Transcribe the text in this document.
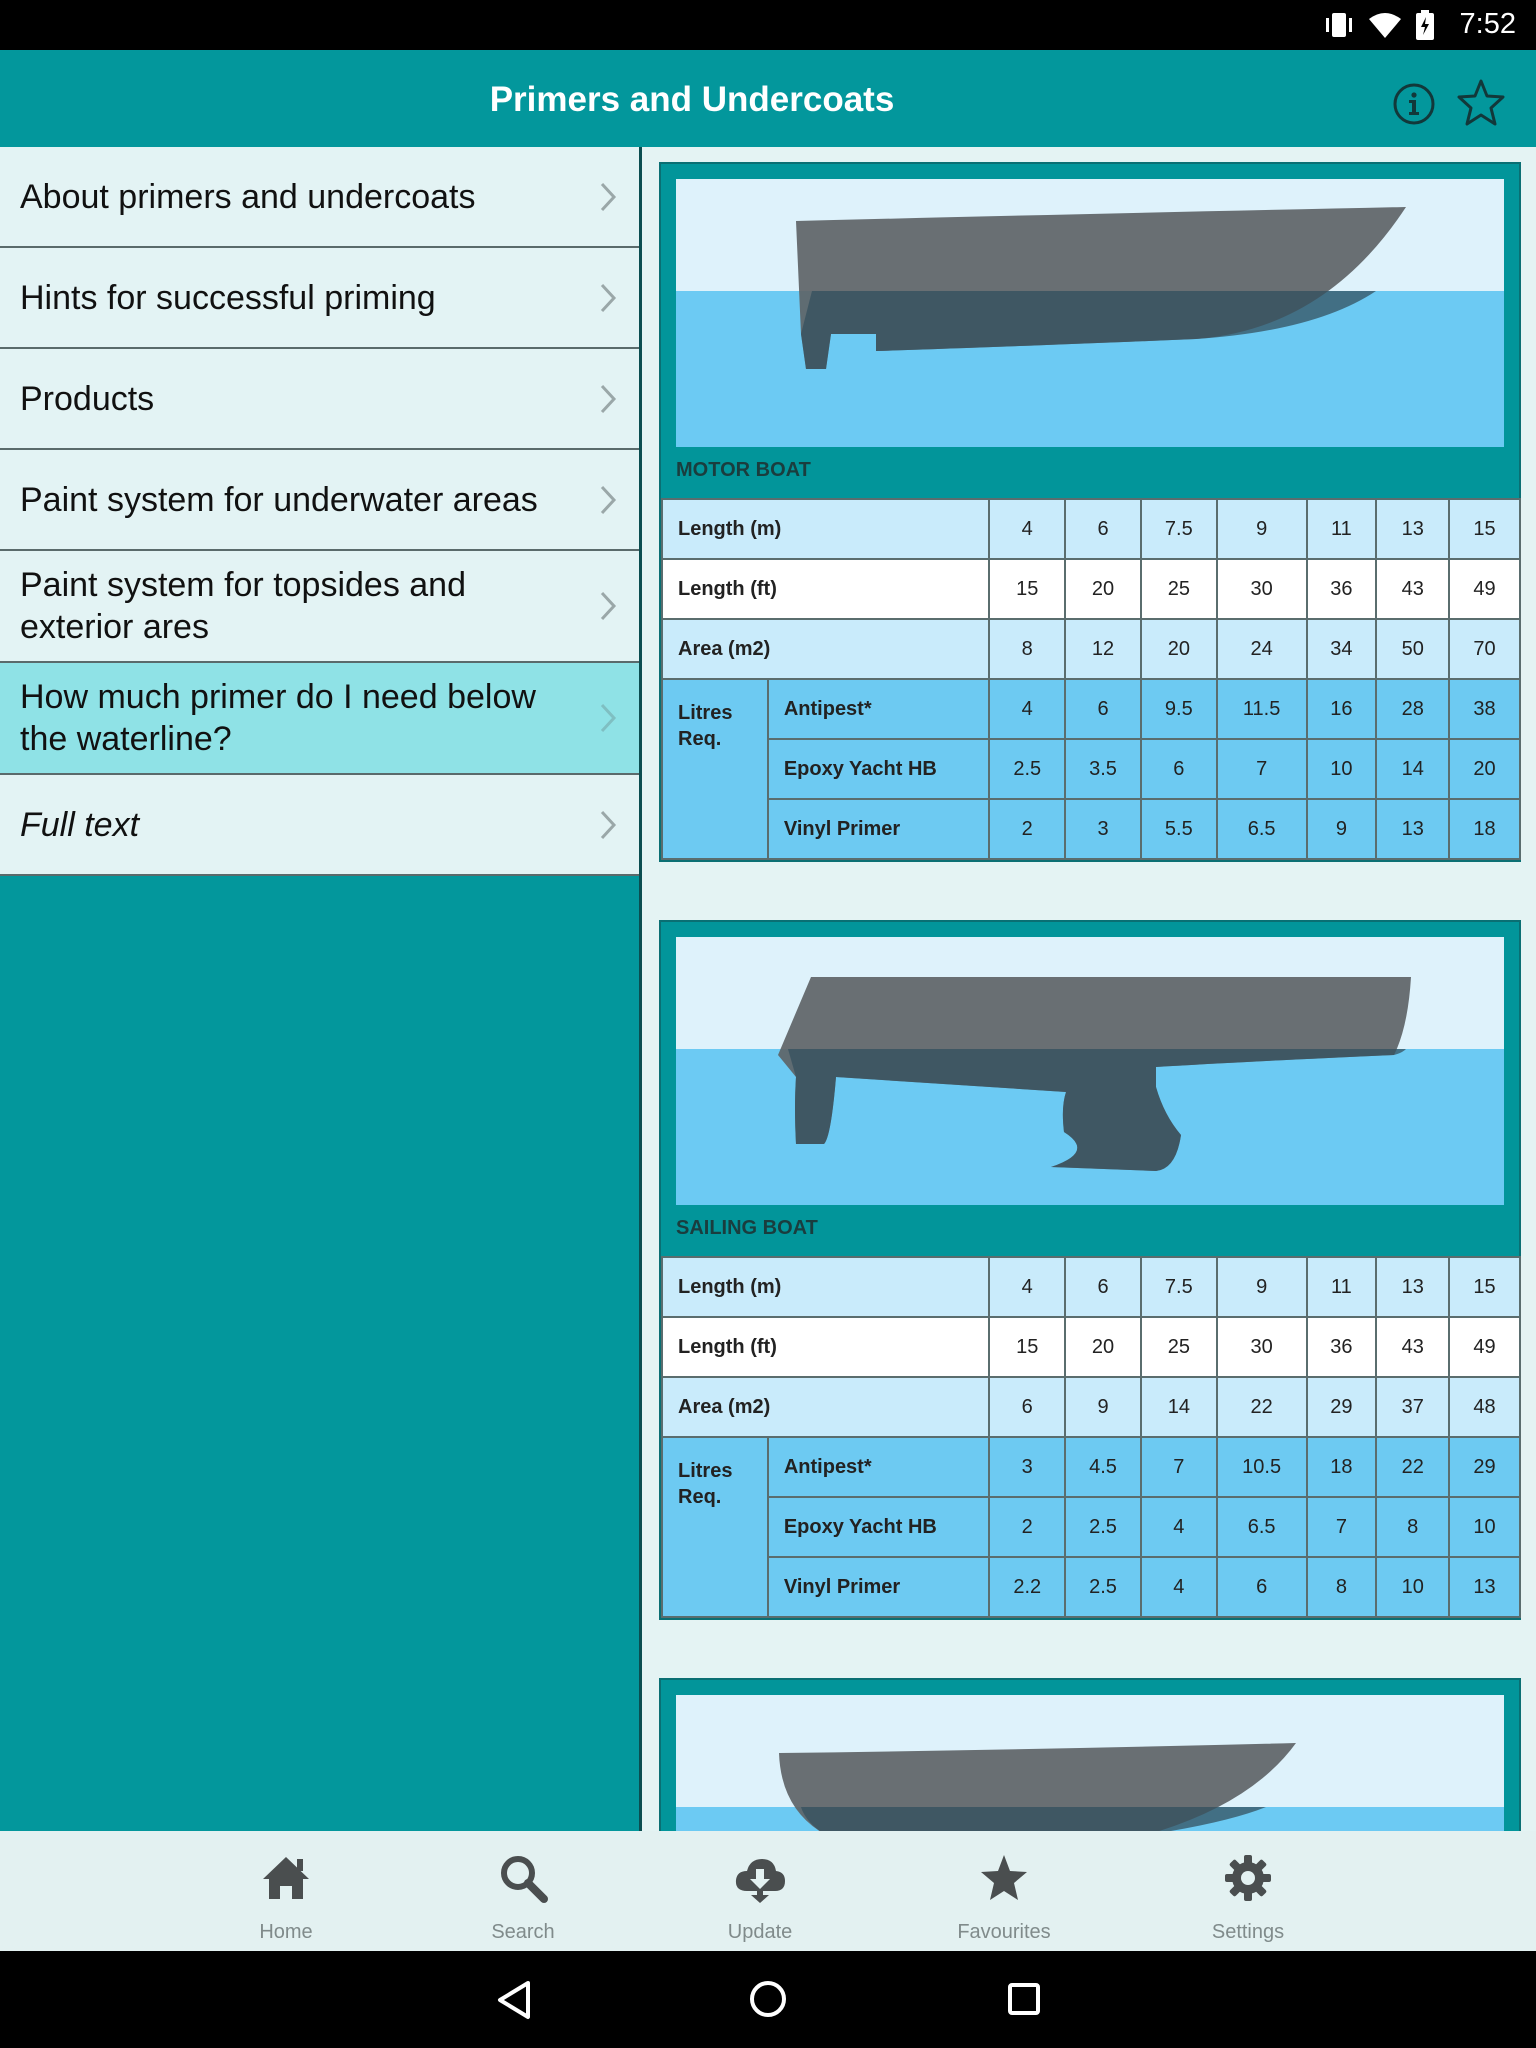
7:52
Primers and Undercoats
About primers and undercoats
Hints for successful priming
Products
Paint system for underwater areas
Paint system for topsides and exterior ares
How much primer do I need below the waterline?
Full text
MOTOR BOAT
Length (m)		4	6	7.5	9	11	13	15
Length (ft)		15	20	25	30	36	43	49
Area (m2)		8	12	20	24	34	50	70
Litres Req.	Antipest*	4	6	9.5	11.5	16	28	38
	Epoxy Yacht HB	2.5	3.5	6	7	10	14	20
	Vinyl Primer	2	3	5.5	6.5	9	13	18
SAILING BOAT
Length (m)		4	6	7.5	9	11	13	15
Length (ft)		15	20	25	30	36	43	49
Area (m2)		6	9	14	22	29	37	48
Litres Req.	Antipest*	3	4.5	7	10.5	18	22	29
	Epoxy Yacht HB	2	2.5	4	6.5	7	8	10
	Vinyl Primer	2.2	2.5	4	6	8	10	13
Home	Search	Update	Favourites	Settings
